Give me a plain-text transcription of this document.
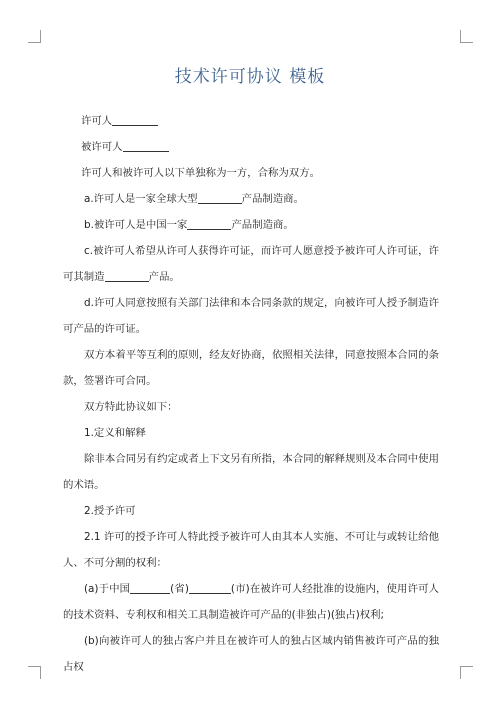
技术许可协议 模板

许可人

被许可人

许可人和被许可人以下单独称为一方，合称为双方。

a.许可人是一家全球大型	产品制造商。

b.被许可人是中国一家	产品制造商。

c.被许可人希望从许可人获得许可证，而许可人愿意授予被许可人许可证，许可其制造	产品。

d.许可人同意按照有关部门法律和本合同条款的规定，向被许可人授予制造许可产品的许可证。

双方本着平等互利的原则，经友好协商，依照相关法律，同意按照本合同的条款，签署许可合同。

双方特此协议如下：

1.定义和解释

除非本合同另有约定或者上下文另有所指，本合同的解释规则及本合同中使用的术语。

2.授予许可

2.1 许可的授予许可人特此授予被许可人由其本人实施、不可让与或转让给他人、不可分割的权利：

(a)于中国	(省)	(市)在被许可人经批准的设施内，使用许可人的技术资料、专利权和相关工具制造被许可产品的(非独占)(独占)权利;

(b)向被许可人的独占客户并且在被许可人的独占区域内销售被许可产品的独占权
